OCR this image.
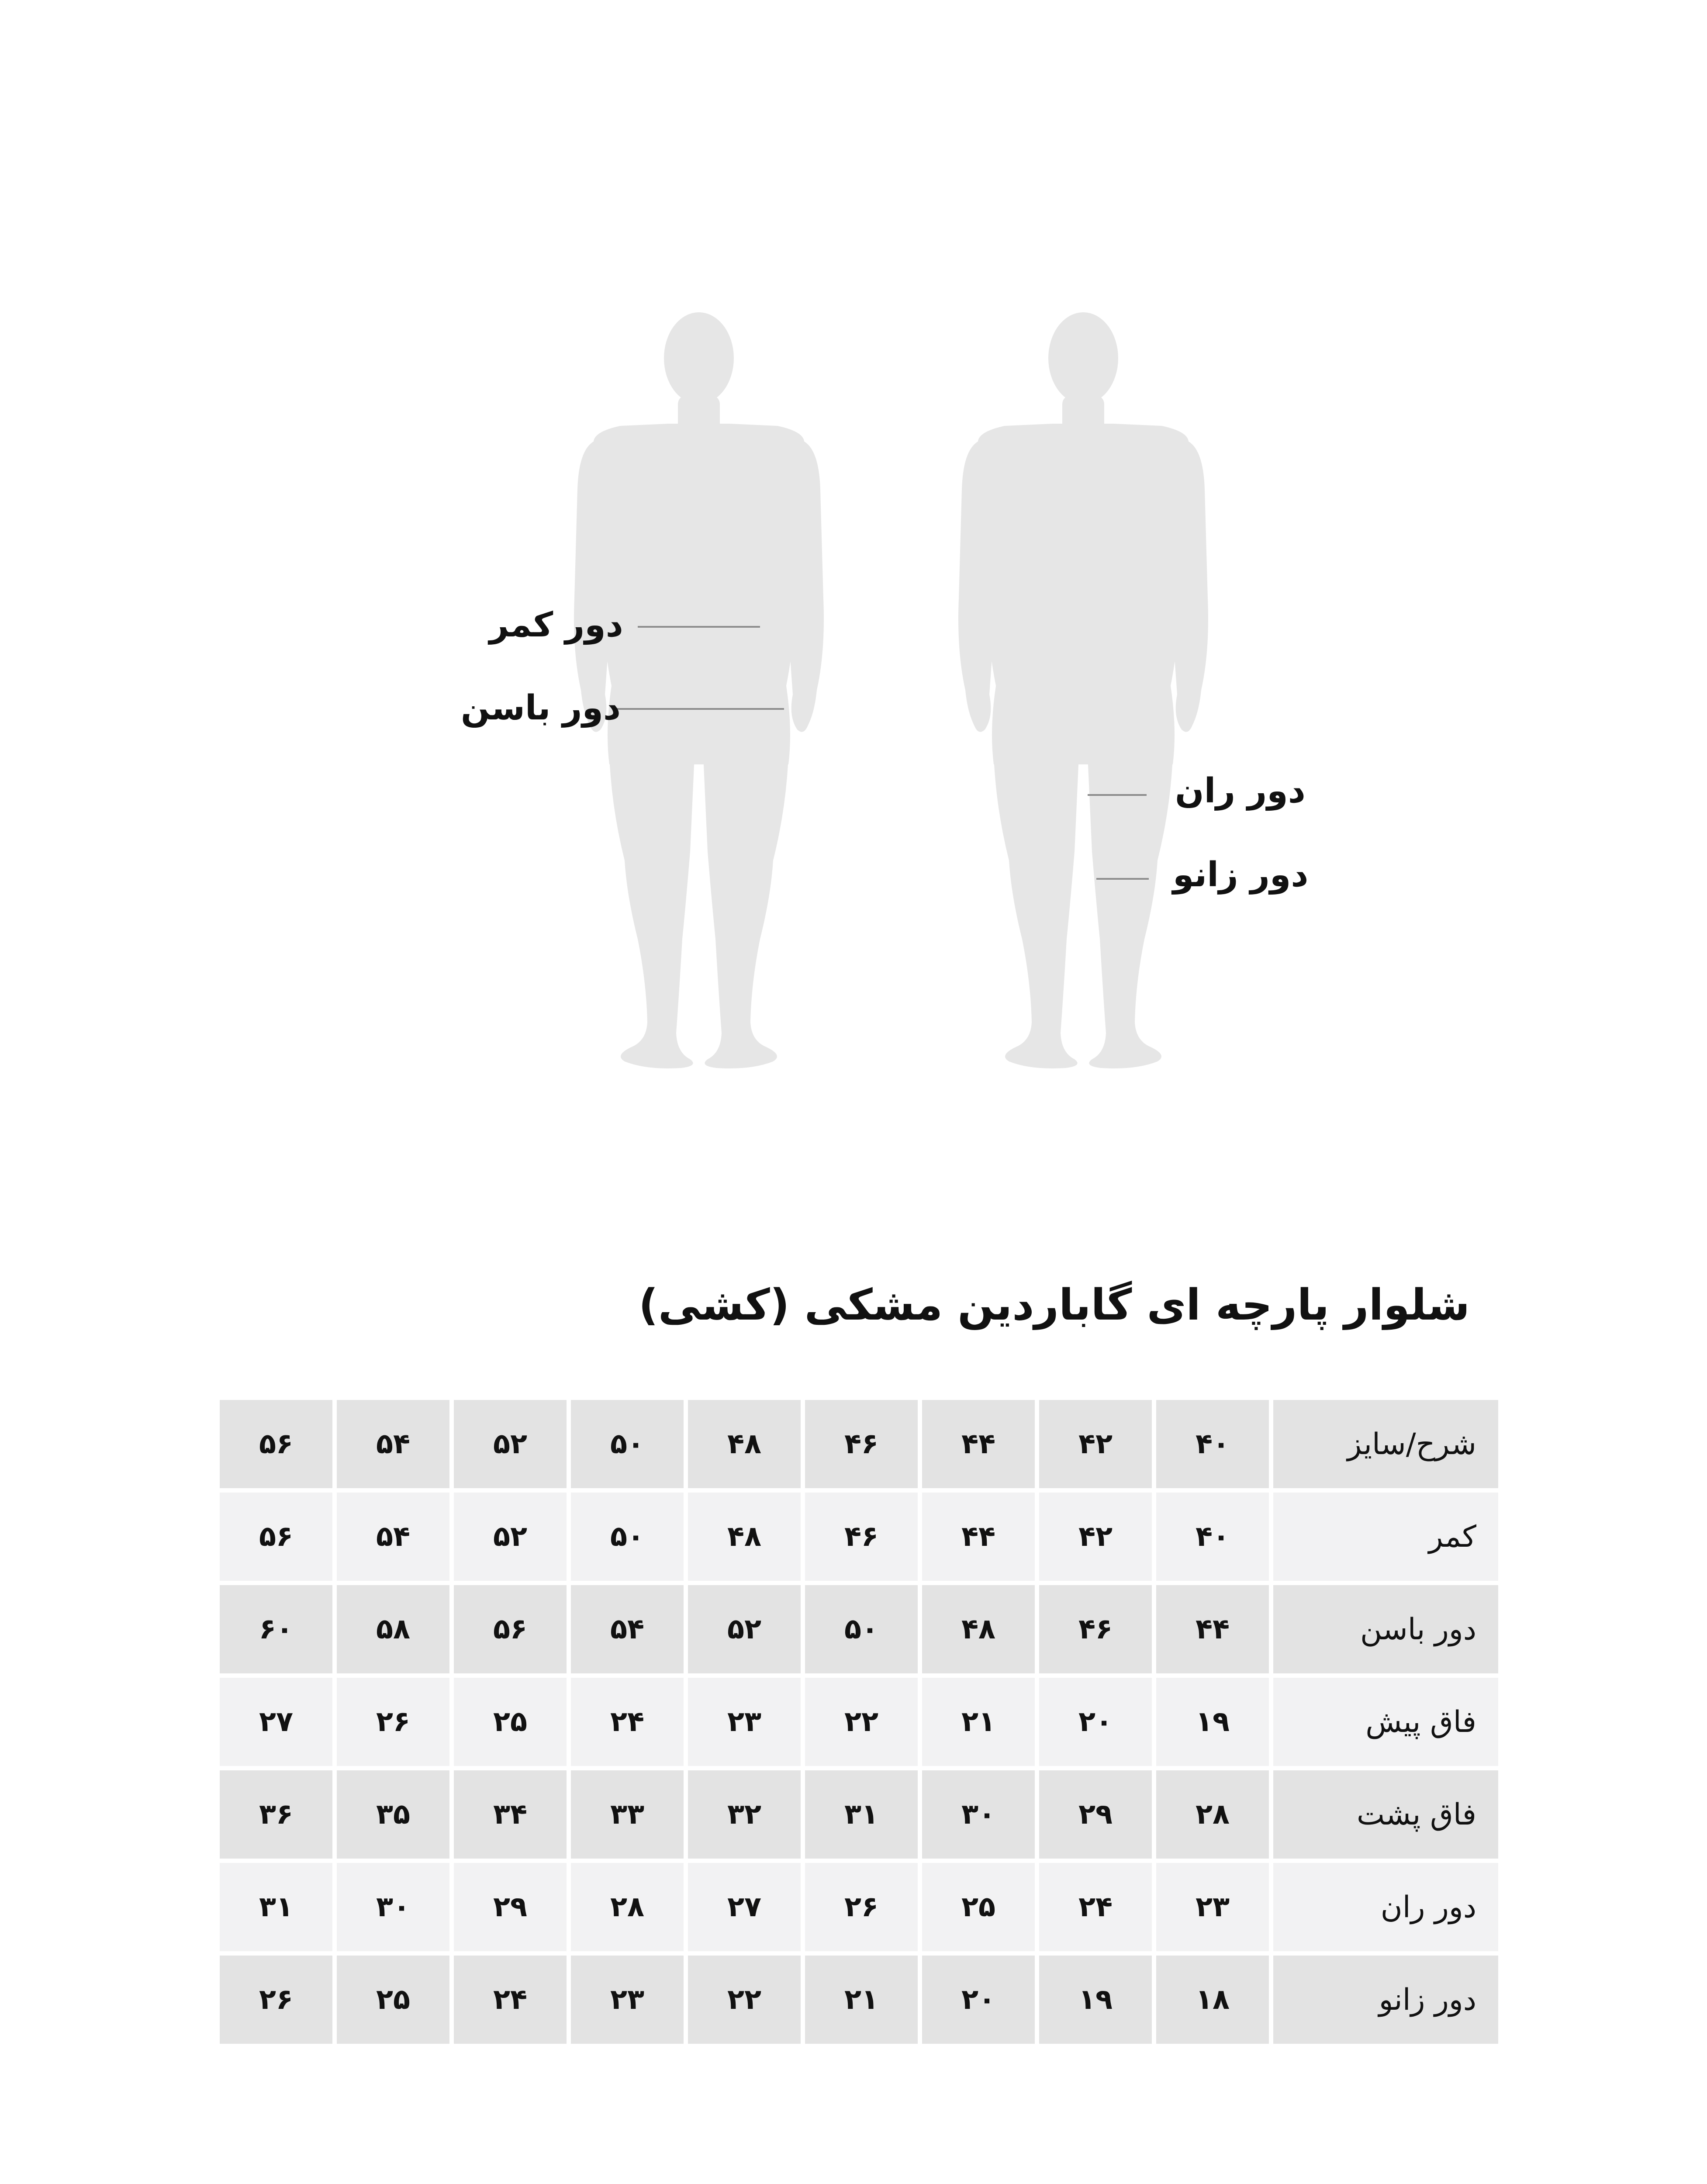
دور کمر
دور باسن
دور ران
دور زانو
شلوار پارچه ای گاباردین مشکی (کشی)
شرح/سایز	۴۰	۴۲	۴۴	۴۶	۴۸	۵۰	۵۲	۵۴	۵۶
کمر	۴۰	۴۲	۴۴	۴۶	۴۸	۵۰	۵۲	۵۴	۵۶
دور باسن	۴۴	۴۶	۴۸	۵۰	۵۲	۵۴	۵۶	۵۸	۶۰
فاق پیش	۱۹	۲۰	۲۱	۲۲	۲۳	۲۴	۲۵	۲۶	۲۷
فاق پشت	۲۸	۲۹	۳۰	۳۱	۳۲	۳۳	۳۴	۳۵	۳۶
دور ران	۲۳	۲۴	۲۵	۲۶	۲۷	۲۸	۲۹	۳۰	۳۱
دور زانو	۱۸	۱۹	۲۰	۲۱	۲۲	۲۳	۲۴	۲۵	۲۶
